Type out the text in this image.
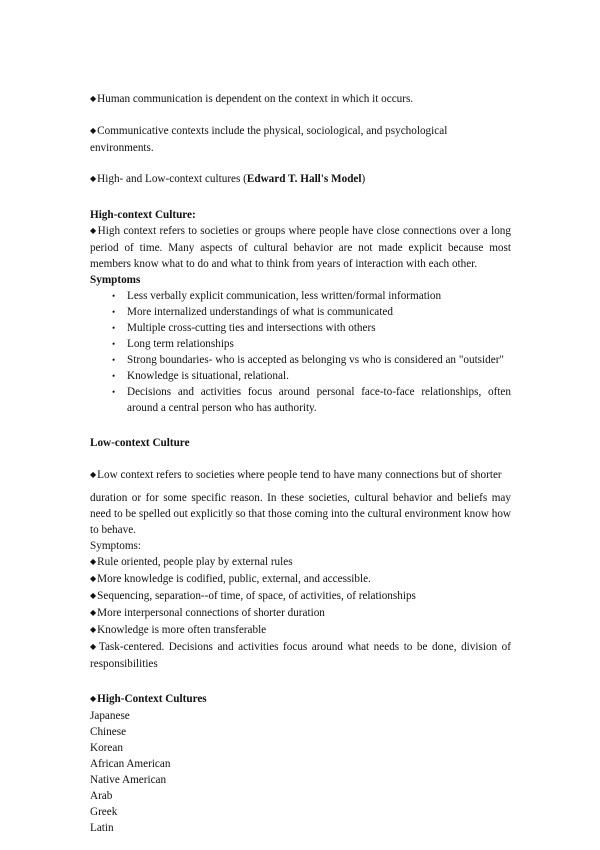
◆Human communication is dependent on the context in which it occurs.

◆Communicative contexts include the physical, sociological, and psychological environments.

◆High- and Low-context cultures (Edward T. Hall's Model)

High-context Culture:

◆High context refers to societies or groups where people have close connections over a long period of time. Many aspects of cultural behavior are not made explicit because most members know what to do and what to think from years of interaction with each other.

Symptoms

• Less verbally explicit communication, less written/formal information
• More internalized understandings of what is communicated
• Multiple cross-cutting ties and intersections with others
• Long term relationships
• Strong boundaries- who is accepted as belonging vs who is considered an "outsider"
• Knowledge is situational, relational.
• Decisions and activities focus around personal face-to-face relationships, often around a central person who has authority.

Low-context Culture

◆Low context refers to societies where people tend to have many connections but of shorter

duration or for some specific reason. In these societies, cultural behavior and beliefs may need to be spelled out explicitly so that those coming into the cultural environment know how to behave.

Symptoms:

◆Rule oriented, people play by external rules

◆More knowledge is codified, public, external, and accessible.

◆Sequencing, separation--of time, of space, of activities, of relationships

◆More interpersonal connections of shorter duration

◆Knowledge is more often transferable

◆Task-centered. Decisions and activities focus around what needs to be done, division of responsibilities

◆High-Context Cultures

Japanese
Chinese
Korean
African American
Native American
Arab
Greek
Latin
